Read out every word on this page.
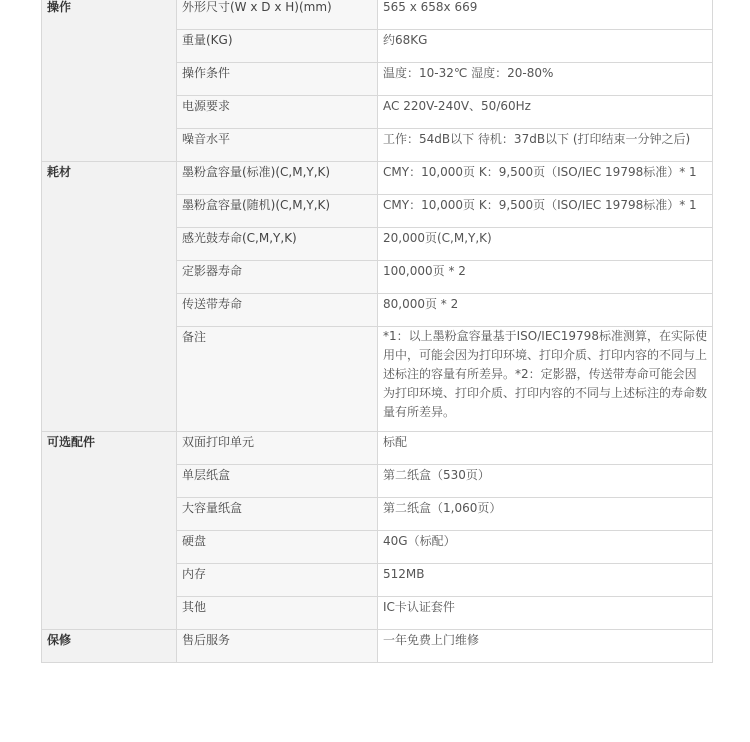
操作	外形尺寸(W x D x H)(mm)	565 x 658x 669
	重量(KG)	约68KG
	操作条件	温度：10-32℃ 湿度：20-80%
	电源要求	AC 220V-240V、50/60Hz
	噪音水平	工作：54dB以下 待机：37dB以下 (打印结束一分钟之后)
耗材	墨粉盒容量(标准)(C,M,Y,K)	CMY：10,000页 K：9,500页（ISO/IEC 19798标准）* 1
	墨粉盒容量(随机)(C,M,Y,K)	CMY：10,000页 K：9,500页（ISO/IEC 19798标准）* 1
	感光鼓寿命(C,M,Y,K)	20,000页(C,M,Y,K)
	定影器寿命	100,000页 * 2
	传送带寿命	80,000页 * 2
	备注	*1：以上墨粉盒容量基于ISO/IEC19798标准测算，在实际使用中，可能会因为打印环境、打印介质、打印内容的不同与上述标注的容量有所差异。*2：定影器，传送带寿命可能会因为打印环境、打印介质、打印内容的不同与上述标注的寿命数量有所差异。
可选配件	双面打印单元	标配
	单层纸盒	第二纸盒（530页）
	大容量纸盒	第二纸盒（1,060页）
	硬盘	40G（标配）
	内存	512MB
	其他	IC卡认证套件
保修	售后服务	一年免费上门维修
